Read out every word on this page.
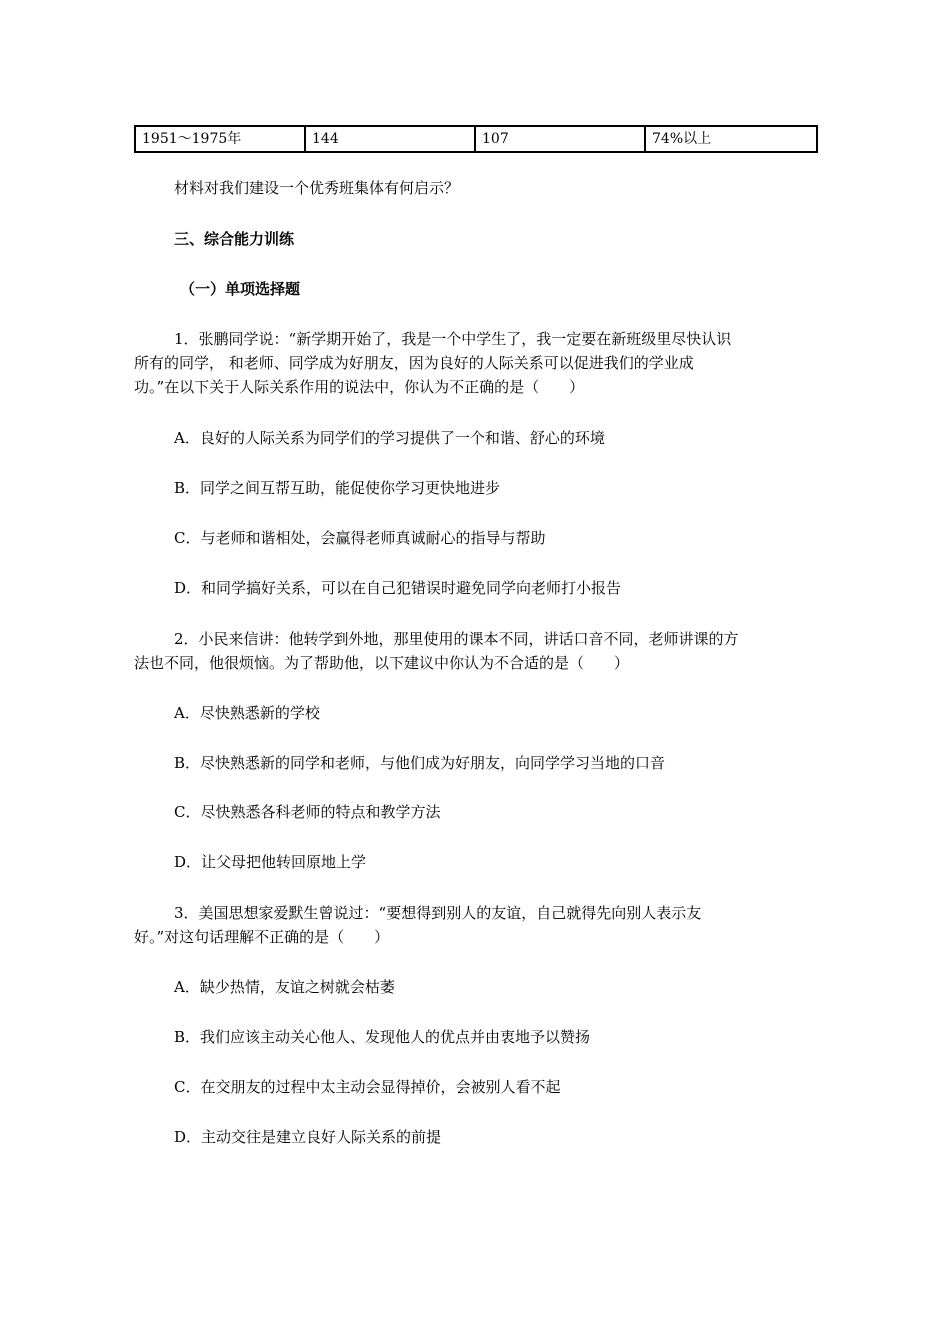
1951～1975年	144	107	74%以上

材料对我们建设一个优秀班集体有何启示？

三、综合能力训练

（一）单项选择题

1．张鹏同学说：“新学期开始了，我是一个中学生了，我一定要在新班级里尽快认识

所有的同学， 和老师、同学成为好朋友，因为良好的人际关系可以促进我们的学业成

功。”在以下关于人际关系作用的说法中，你认为不正确的是（　　）

A．良好的人际关系为同学们的学习提供了一个和谐、舒心的环境

B．同学之间互帮互助，能促使你学习更快地进步

C．与老师和谐相处，会赢得老师真诚耐心的指导与帮助

D．和同学搞好关系，可以在自己犯错误时避免同学向老师打小报告

2．小民来信讲：他转学到外地，那里使用的课本不同，讲话口音不同，老师讲课的方

法也不同，他很烦恼。为了帮助他，以下建议中你认为不合适的是（　　）

A．尽快熟悉新的学校

B．尽快熟悉新的同学和老师，与他们成为好朋友，向同学学习当地的口音

C．尽快熟悉各科老师的特点和教学方法

D．让父母把他转回原地上学

3．美国思想家爱默生曾说过：“要想得到别人的友谊，自己就得先向别人表示友

好。”对这句话理解不正确的是（　　）

A．缺少热情，友谊之树就会枯萎

B．我们应该主动关心他人、发现他人的优点并由衷地予以赞扬

C．在交朋友的过程中太主动会显得掉价，会被别人看不起

D．主动交往是建立良好人际关系的前提
